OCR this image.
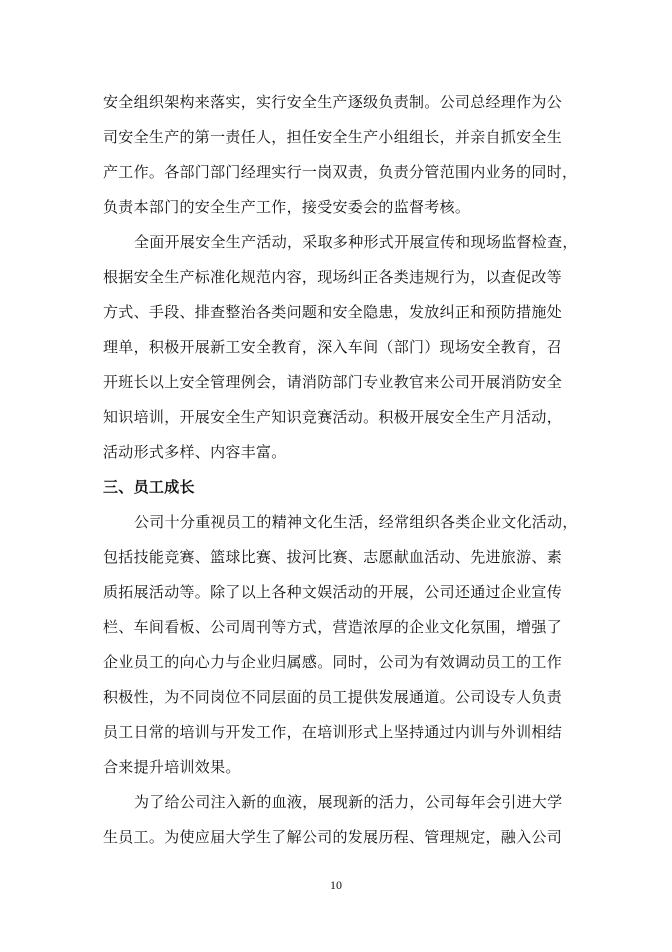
安全组织架构来落实，实行安全生产逐级负责制。公司总经理作为公
司安全生产的第一责任人，担任安全生产小组组长，并亲自抓安全生
产工作。各部门部门经理实行一岗双责，负责分管范围内业务的同时，
负责本部门的安全生产工作，接受安委会的监督考核。
全面开展安全生产活动，采取多种形式开展宣传和现场监督检查，
根据安全生产标准化规范内容，现场纠正各类违规行为，以查促改等
方式、手段、排查整治各类问题和安全隐患，发放纠正和预防措施处
理单，积极开展新工安全教育，深入车间（部门）现场安全教育，召
开班长以上安全管理例会，请消防部门专业教官来公司开展消防安全
知识培训，开展安全生产知识竞赛活动。积极开展安全生产月活动，
活动形式多样、内容丰富。
三、员工成长
公司十分重视员工的精神文化生活，经常组织各类企业文化活动，
包括技能竞赛、篮球比赛、拔河比赛、志愿献血活动、先进旅游、素
质拓展活动等。除了以上各种文娱活动的开展，公司还通过企业宣传
栏、车间看板、公司周刊等方式，营造浓厚的企业文化氛围，增强了
企业员工的向心力与企业归属感。同时，公司为有效调动员工的工作
积极性，为不同岗位不同层面的员工提供发展通道。公司设专人负责
员工日常的培训与开发工作，在培训形式上坚持通过内训与外训相结
合来提升培训效果。
为了给公司注入新的血液，展现新的活力，公司每年会引进大学
生员工。为使应届大学生了解公司的发展历程、管理规定，融入公司
10
